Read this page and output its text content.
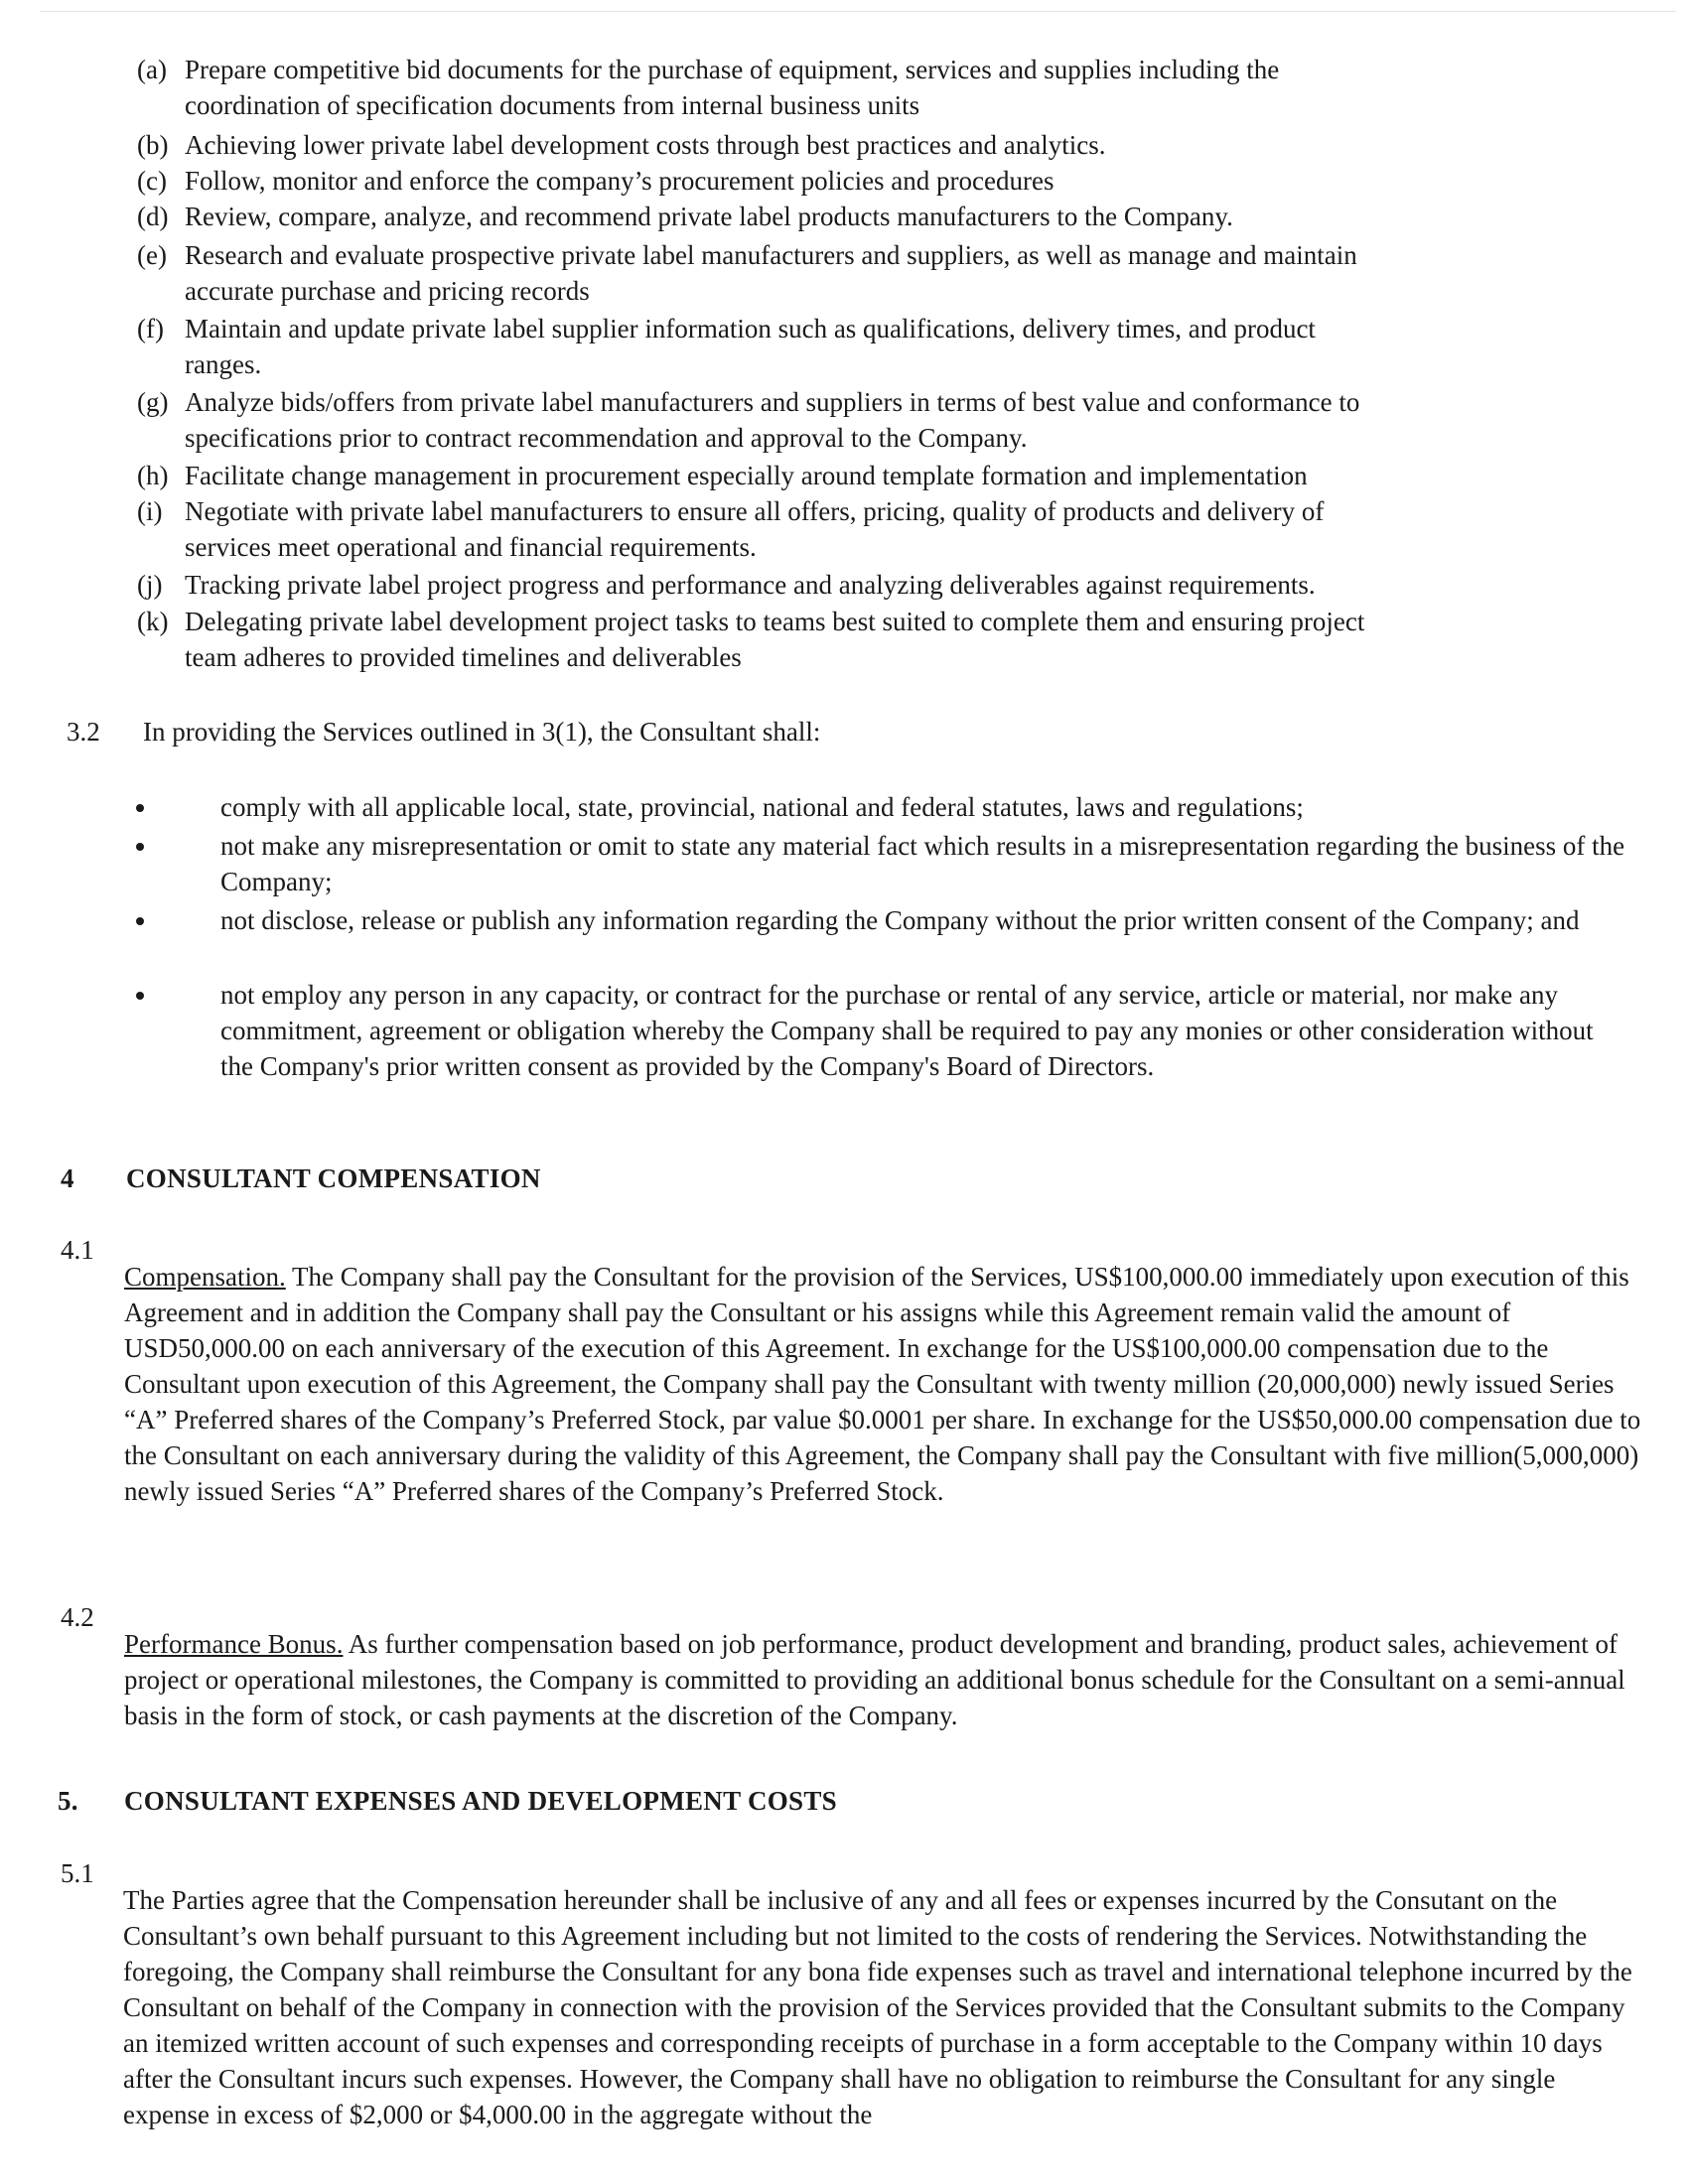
(a) Prepare competitive bid documents for the purchase of equipment, services and supplies including the
coordination of specification documents from internal business units
(b) Achieving lower private label development costs through best practices and analytics.
(c) Follow, monitor and enforce the company’s procurement policies and procedures
(d) Review, compare, analyze, and recommend private label products manufacturers to the Company.
(e) Research and evaluate prospective private label manufacturers and suppliers, as well as manage and maintain
accurate purchase and pricing records
(f) Maintain and update private label supplier information such as qualifications, delivery times, and product
ranges.
(g) Analyze bids/offers from private label manufacturers and suppliers in terms of best value and conformance to
specifications prior to contract recommendation and approval to the Company.
(h) Facilitate change management in procurement especially around template formation and implementation
(i) Negotiate with private label manufacturers to ensure all offers, pricing, quality of products and delivery of
services meet operational and financial requirements.
(j) Tracking private label project progress and performance and analyzing deliverables against requirements.
(k) Delegating private label development project tasks to teams best suited to complete them and ensuring project
team adheres to provided timelines and deliverables
3.2 In providing the Services outlined in 3(1), the Consultant shall:
comply with all applicable local, state, provincial, national and federal statutes, laws and regulations;
not make any misrepresentation or omit to state any material fact which results in a misrepresentation regarding the business of the Company;
not disclose, release or publish any information regarding the Company without the prior written consent of the Company; and
not employ any person in any capacity, or contract for the purchase or rental of any service, article or material, nor make any commitment, agreement or obligation whereby the Company shall be required to pay any monies or other consideration without the Company's prior written consent as provided by the Company's Board of Directors.
4 CONSULTANT COMPENSATION
4.1

Compensation. The Company shall pay the Consultant for the provision of the Services, US$100,000.00 immediately upon execution of this Agreement and in addition the Company shall pay the Consultant or his assigns while this Agreement remain valid the amount of USD50,000.00 on each anniversary of the execution of this Agreement. In exchange for the US$100,000.00 compensation due to the Consultant upon execution of this Agreement, the Company shall pay the Consultant with twenty million (20,000,000) newly issued Series “A” Preferred shares of the Company’s Preferred Stock, par value $0.0001 per share. In exchange for the US$50,000.00 compensation due to the Consultant on each anniversary during the validity of this Agreement, the Company shall pay the Consultant with five million(5,000,000) newly issued Series “A” Preferred shares of the Company’s Preferred Stock.

4.2

Performance Bonus. As further compensation based on job performance, product development and branding, product sales, achievement of project or operational milestones, the Company is committed to providing an additional bonus schedule for the Consultant on a semi-annual basis in the form of stock, or cash payments at the discretion of the Company.

5. CONSULTANT EXPENSES AND DEVELOPMENT COSTS
5.1

The Parties agree that the Compensation hereunder shall be inclusive of any and all fees or expenses incurred by the Consutant on the Consultant’s own behalf pursuant to this Agreement including but not limited to the costs of rendering the Services. Notwithstanding the foregoing, the Company shall reimburse the Consultant for any bona fide expenses such as travel and international telephone incurred by the Consultant on behalf of the Company in connection with the provision of the Services provided that the Consultant submits to the Company an itemized written account of such expenses and corresponding receipts of purchase in a form acceptable to the Company within 10 days after the Consultant incurs such expenses. However, the Company shall have no obligation to reimburse the Consultant for any single expense in excess of $2,000 or $4,000.00 in the aggregate without the
